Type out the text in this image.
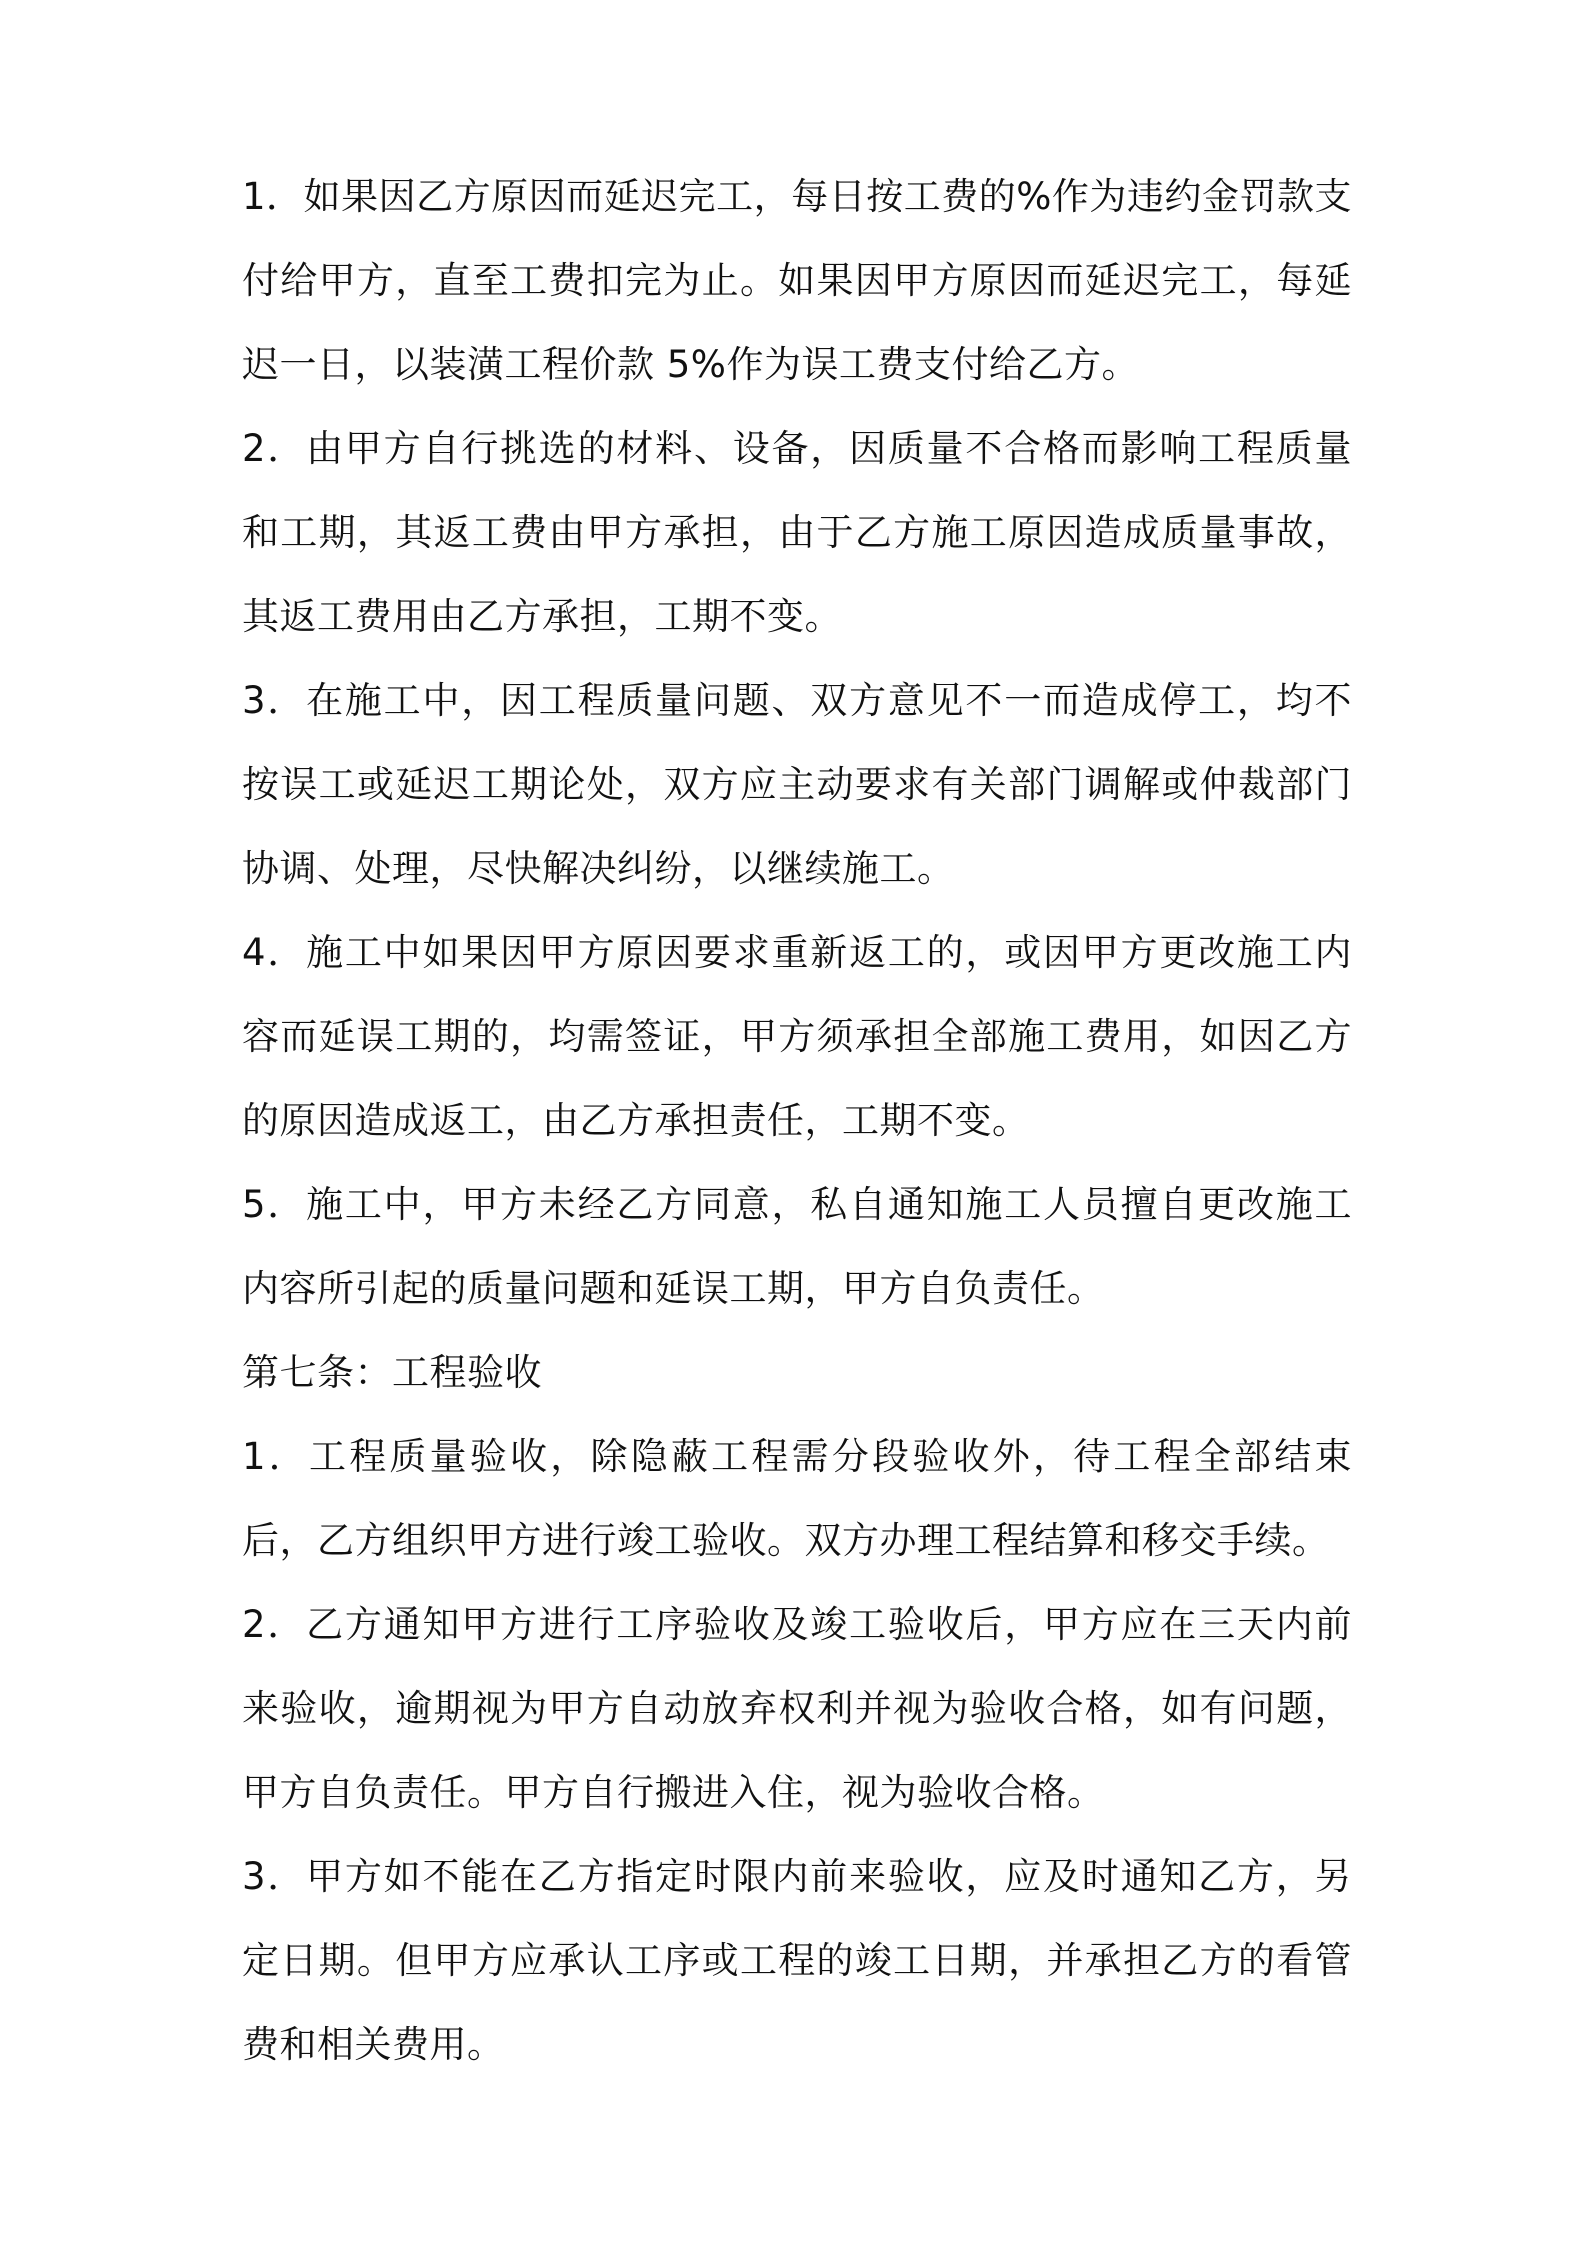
1．如果因乙方原因而延迟完工，每日按工费的%作为违约金罚款支付给甲方，直至工费扣完为止。如果因甲方原因而延迟完工，每延迟一日，以装潢工程价款 5%作为误工费支付给乙方。

2．由甲方自行挑选的材料、设备，因质量不合格而影响工程质量和工期，其返工费由甲方承担，由于乙方施工原因造成质量事故，其返工费用由乙方承担，工期不变。

3．在施工中，因工程质量问题、双方意见不一而造成停工，均不按误工或延迟工期论处，双方应主动要求有关部门调解或仲裁部门协调、处理，尽快解决纠纷，以继续施工。

4．施工中如果因甲方原因要求重新返工的，或因甲方更改施工内容而延误工期的，均需签证，甲方须承担全部施工费用，如因乙方的原因造成返工，由乙方承担责任，工期不变。

5．施工中，甲方未经乙方同意，私自通知施工人员擅自更改施工内容所引起的质量问题和延误工期，甲方自负责任。

第七条：工程验收

1．工程质量验收，除隐蔽工程需分段验收外，待工程全部结束后，乙方组织甲方进行竣工验收。双方办理工程结算和移交手续。

2．乙方通知甲方进行工序验收及竣工验收后，甲方应在三天内前来验收，逾期视为甲方自动放弃权利并视为验收合格，如有问题，甲方自负责任。甲方自行搬进入住，视为验收合格。

3．甲方如不能在乙方指定时限内前来验收，应及时通知乙方，另定日期。但甲方应承认工序或工程的竣工日期，并承担乙方的看管费和相关费用。
